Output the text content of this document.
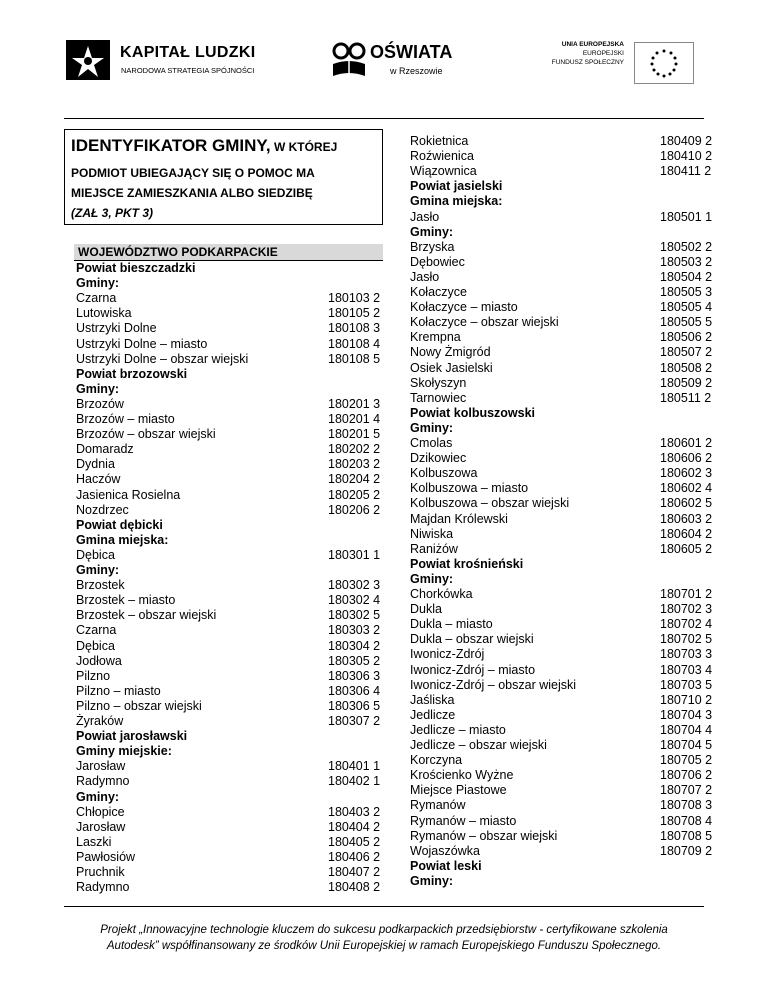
KAPITAŁ LUDZKI
NARODOWA STRATEGIA SPÓJNOŚCI
OŚWIATA
w Rzeszowie
UNIA EUROPEJSKA
EUROPEJSKI
FUNDUSZ SPOŁECZNY
IDENTYFIKATOR GMINY, W KTÓREJ
PODMIOT UBIEGAJĄCY SIĘ O POMOC MA
MIEJSCE ZAMIESZKANIA ALBO SIEDZIBĘ
(ZAŁ 3, PKT 3)
WOJEWÓDZTWO PODKARPACKIE
Powiat bieszczadzki
Gminy:
Czarna	180103 2
Lutowiska	180105 2
Ustrzyki Dolne	180108 3
Ustrzyki Dolne – miasto	180108 4
Ustrzyki Dolne – obszar wiejski	180108 5
Powiat brzozowski
Gminy:
Brzozów	180201 3
Brzozów – miasto	180201 4
Brzozów – obszar wiejski	180201 5
Domaradz	180202 2
Dydnia	180203 2
Haczów	180204 2
Jasienica Rosielna	180205 2
Nozdrzec	180206 2
Powiat dębicki
Gmina miejska:
Dębica	180301 1
Gminy:
Brzostek	180302 3
Brzostek – miasto	180302 4
Brzostek – obszar wiejski	180302 5
Czarna	180303 2
Dębica	180304 2
Jodłowa	180305 2
Pilzno	180306 3
Pilzno – miasto	180306 4
Pilzno – obszar wiejski	180306 5
Żyraków	180307 2
Powiat jarosławski
Gminy miejskie:
Jarosław	180401 1
Radymno	180402 1
Gminy:
Chłopice	180403 2
Jarosław	180404 2
Laszki	180405 2
Pawłosiów	180406 2
Pruchnik	180407 2
Radymno	180408 2
Rokietnica	180409 2
Roźwienica	180410 2
Wiązownica	180411 2
Powiat jasielski
Gmina miejska:
Jasło	180501 1
Gminy:
Brzyska	180502 2
Dębowiec	180503 2
Jasło	180504 2
Kołaczyce	180505 3
Kołaczyce – miasto	180505 4
Kołaczyce – obszar wiejski	180505 5
Krempna	180506 2
Nowy Żmigród	180507 2
Osiek Jasielski	180508 2
Skołyszyn	180509 2
Tarnowiec	180511 2
Powiat kolbuszowski
Gminy:
Cmolas	180601 2
Dzikowiec	180606 2
Kolbuszowa	180602 3
Kolbuszowa – miasto	180602 4
Kolbuszowa – obszar wiejski	180602 5
Majdan Królewski	180603 2
Niwiska	180604 2
Raniżów	180605 2
Powiat krośnieński
Gminy:
Chorkówka	180701 2
Dukla	180702 3
Dukla – miasto	180702 4
Dukla – obszar wiejski	180702 5
Iwonicz-Zdrój	180703 3
Iwonicz-Zdrój – miasto	180703 4
Iwonicz-Zdrój – obszar wiejski	180703 5
Jaśliska	180710 2
Jedlicze	180704 3
Jedlicze – miasto	180704 4
Jedlicze – obszar wiejski	180704 5
Korczyna	180705 2
Krościenko Wyżne	180706 2
Miejsce Piastowe	180707 2
Rymanów	180708 3
Rymanów – miasto	180708 4
Rymanów – obszar wiejski	180708 5
Wojaszówka	180709 2
Powiat leski
Gminy:
Projekt „Innowacyjne technologie kluczem do sukcesu podkarpackich przedsiębiorstw - certyfikowane szkolenia
Autodesk” współfinansowany ze środków Unii Europejskiej w ramach Europejskiego Funduszu Społecznego.
